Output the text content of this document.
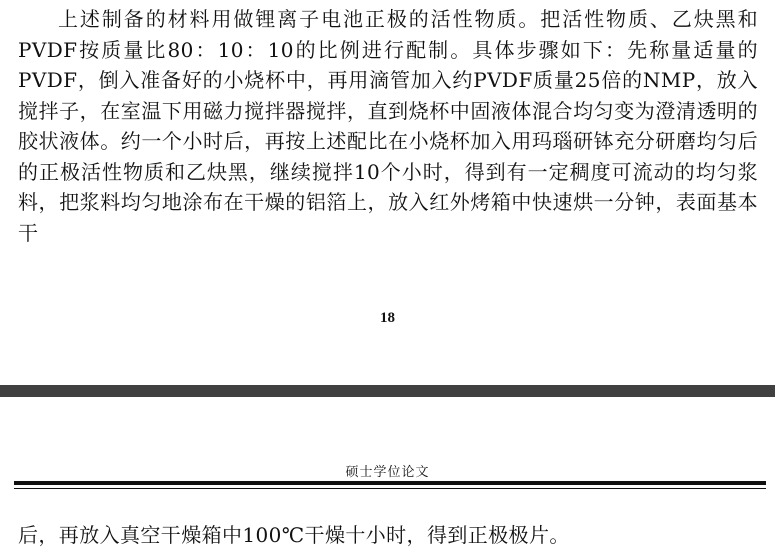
上述制备的材料用做锂离子电池正极的活性物质。把活性物质、乙炔黑和PVDF按质量比80：10：10的比例进行配制。具体步骤如下：先称量适量的PVDF，倒入准备好的小烧杯中，再用滴管加入约PVDF质量25倍的NMP，放入搅拌子，在室温下用磁力搅拌器搅拌，直到烧杯中固液体混合均匀变为澄清透明的胶状液体。约一个小时后，再按上述配比在小烧杯加入用玛瑙研钵充分研磨均匀后的正极活性物质和乙炔黑，继续搅拌10个小时，得到有一定稠度可流动的均匀浆料，把浆料均匀地涂布在干燥的铝箔上，放入红外烤箱中快速烘一分钟，表面基本干

18
硕士学位论文

后，再放入真空干燥箱中100℃干燥十小时，得到正极极片。
